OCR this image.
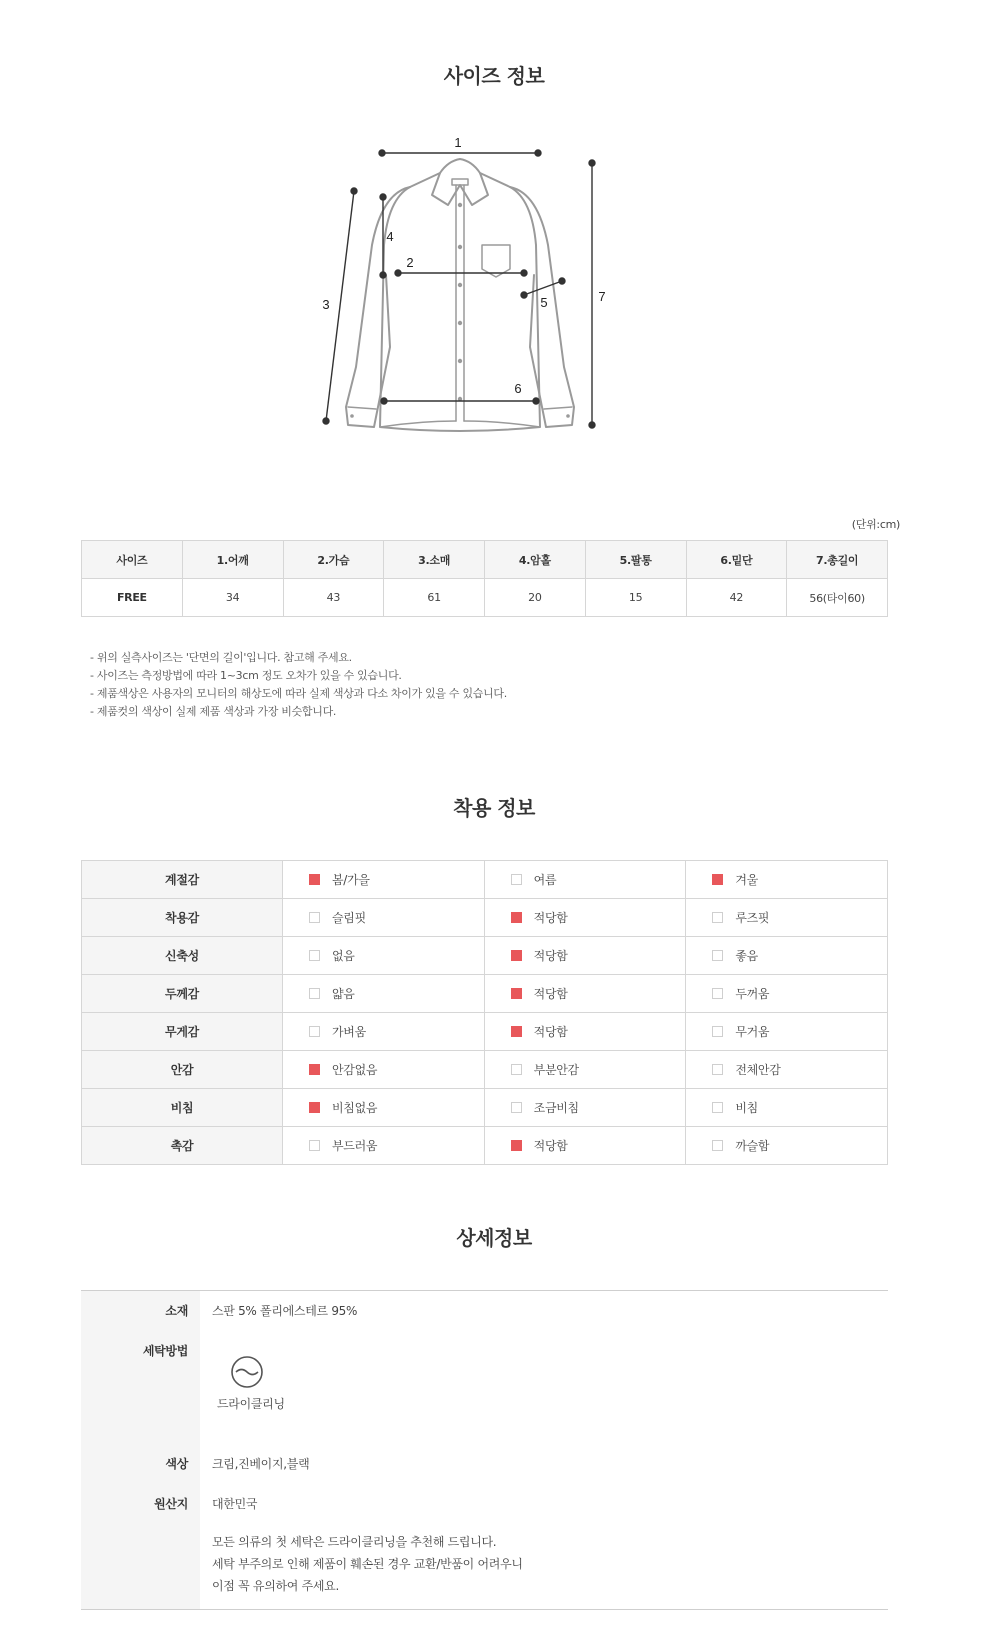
사이즈 정보
1
2
3
4
5
6
7
(단위:cm)
사이즈	1.어깨	2.가슴	3.소매	4.암홀	5.팔통	6.밑단	7.총길이
FREE	34	43	61	20	15	42	56(타이60)
- 위의 실측사이즈는 '단면의 길이'입니다. 참고해 주세요.
- 사이즈는 측정방법에 따라 1~3cm 정도 오차가 있을 수 있습니다.
- 제품색상은 사용자의 모니터의 해상도에 따라 실제 색상과 다소 차이가 있을 수 있습니다.
- 제품컷의 색상이 실제 제품 색상과 가장 비슷합니다.
착용 정보
계절감	봄/가을	여름	겨울
착용감	슬림핏	적당함	루즈핏
신축성	없음	적당함	좋음
두께감	얇음	적당함	두꺼움
무게감	가벼움	적당함	무거움
안감	안감없음	부분안감	전체안감
비침	비침없음	조금비침	비침
촉감	부드러움	적당함	까슬함
상세정보
소재 스판 5% 폴리에스테르 95%
세탁방법
드라이클리닝
색상 크림,진베이지,블랙
원산지 대한민국
모든 의류의 첫 세탁은 드라이클리닝을 추천해 드립니다.
세탁 부주의로 인해 제품이 훼손된 경우 교환/반품이 어려우니
이점 꼭 유의하여 주세요.
